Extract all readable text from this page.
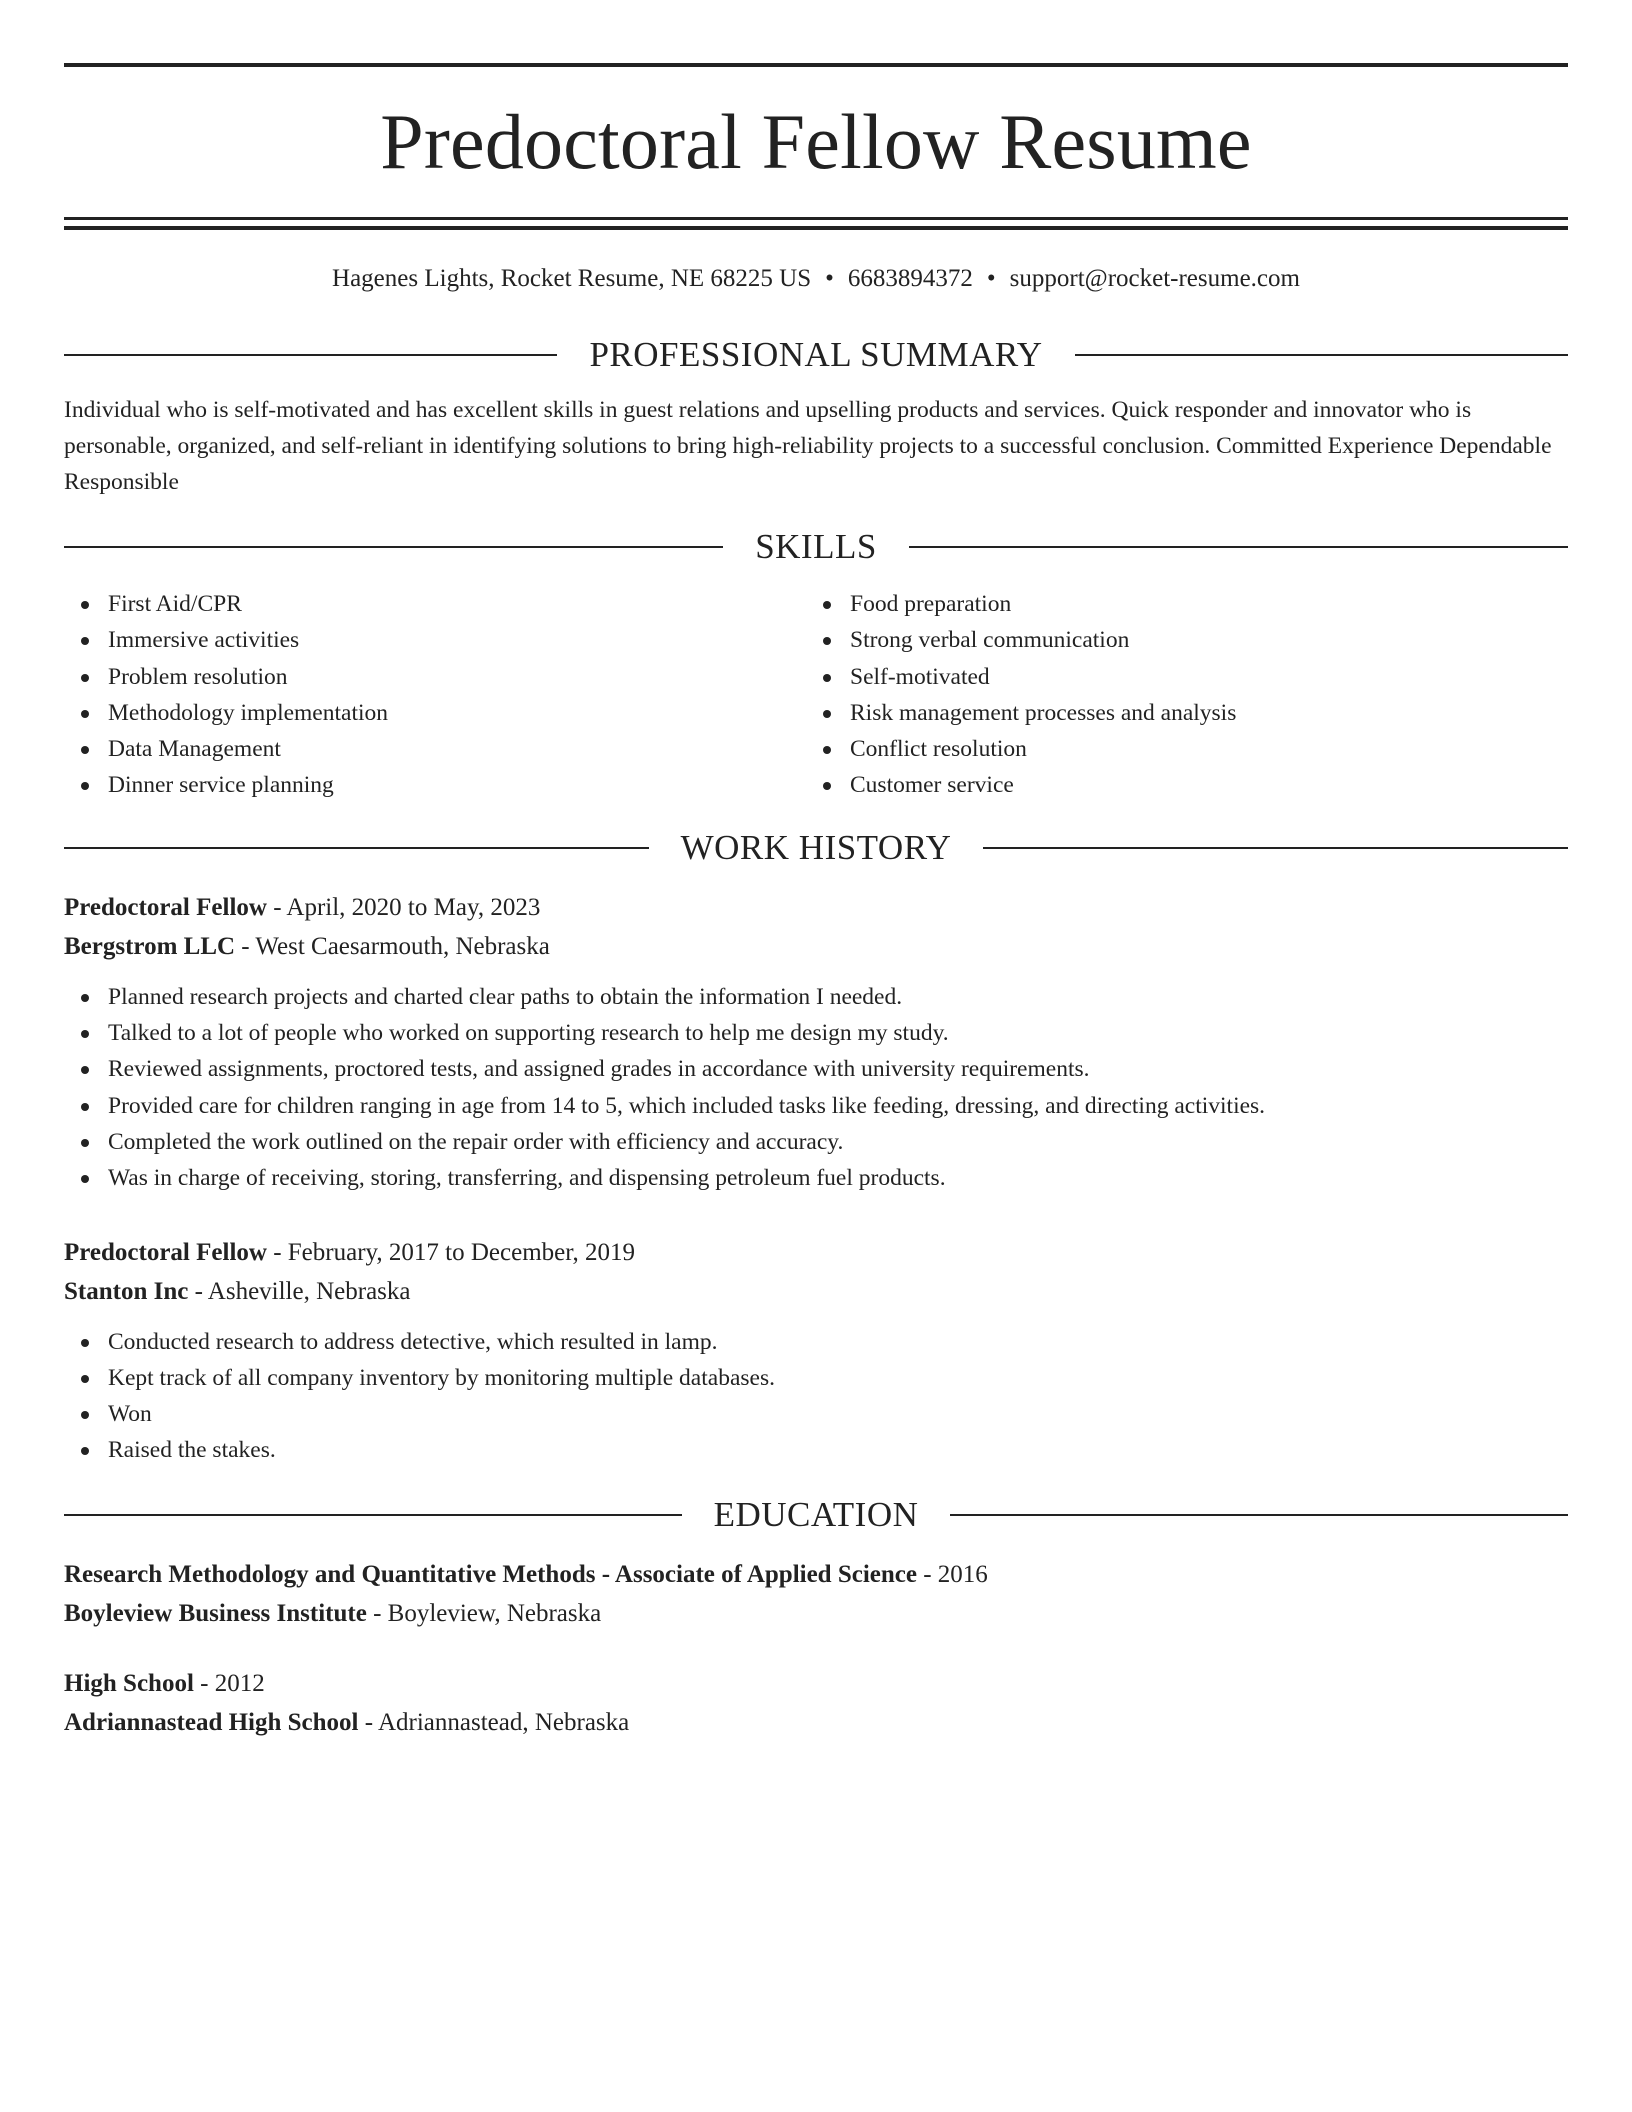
Predoctoral Fellow Resume
Hagenes Lights, Rocket Resume, NE 68225 US • 6683894372 • support@rocket-resume.com
PROFESSIONAL SUMMARY

Individual who is self-motivated and has excellent skills in guest relations and upselling products and services. Quick responder and innovator who is personable, organized, and self-reliant in identifying solutions to bring high-reliability projects to a successful conclusion. Committed Experience Dependable Responsible

SKILLS
First Aid/CPR
Immersive activities
Problem resolution
Methodology implementation
Data Management
Dinner service planning
Food preparation
Strong verbal communication
Self-motivated
Risk management processes and analysis
Conflict resolution
Customer service
WORK HISTORY
Predoctoral Fellow - April, 2020 to May, 2023
Bergstrom LLC - West Caesarmouth, Nebraska
Planned research projects and charted clear paths to obtain the information I needed.
Talked to a lot of people who worked on supporting research to help me design my study.
Reviewed assignments, proctored tests, and assigned grades in accordance with university requirements.
Provided care for children ranging in age from 14 to 5, which included tasks like feeding, dressing, and directing activities.
Completed the work outlined on the repair order with efficiency and accuracy.
Was in charge of receiving, storing, transferring, and dispensing petroleum fuel products.
Predoctoral Fellow - February, 2017 to December, 2019
Stanton Inc - Asheville, Nebraska
Conducted research to address detective, which resulted in lamp.
Kept track of all company inventory by monitoring multiple databases.
Won
Raised the stakes.
EDUCATION
Research Methodology and Quantitative Methods - Associate of Applied Science - 2016
Boyleview Business Institute - Boyleview, Nebraska
High School - 2012
Adriannastead High School - Adriannastead, Nebraska
